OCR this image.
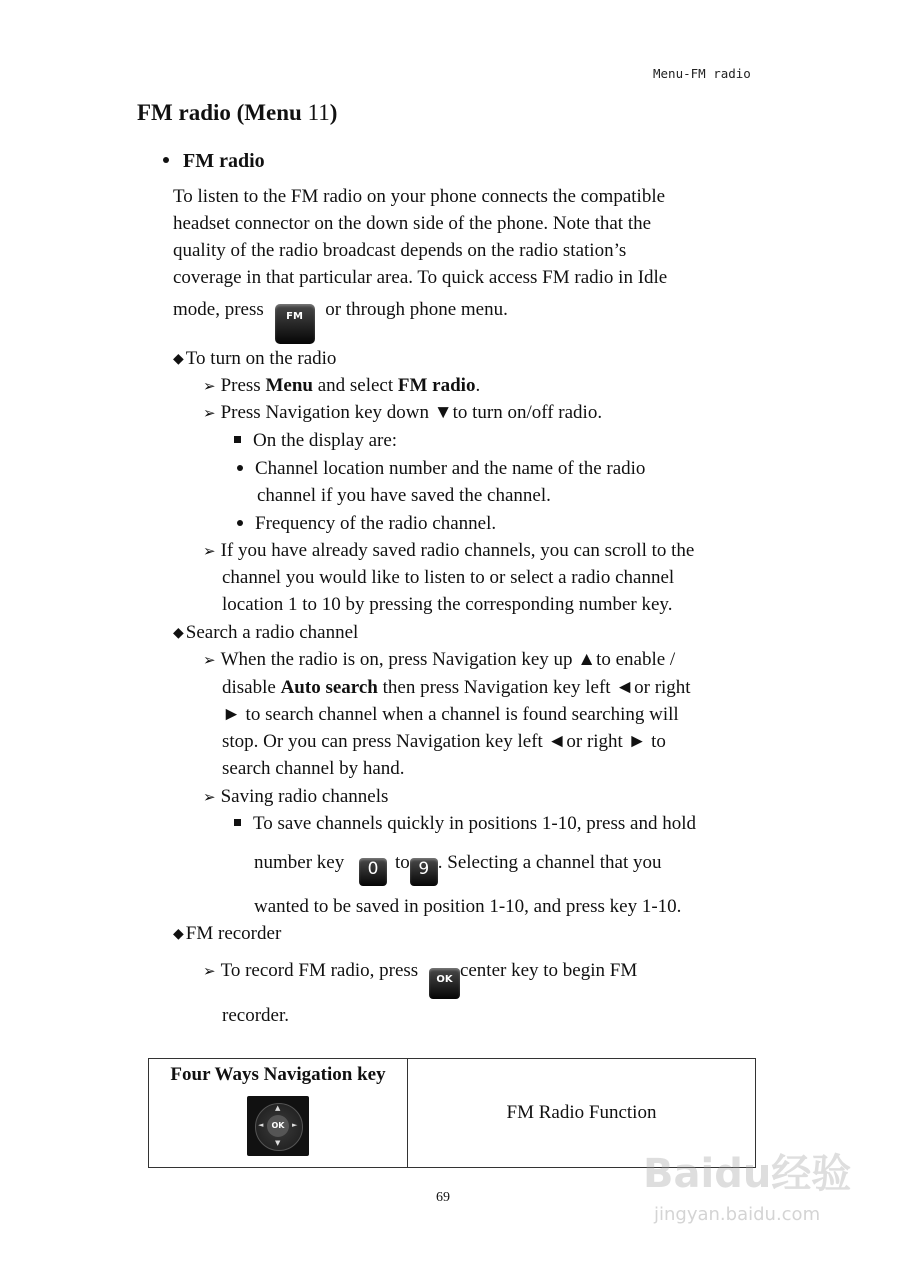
Menu-FM radio
FM radio (Menu 11)
FM radio
To listen to the FM radio on your phone connects the compatible
headset connector on the down side of the phone. Note that the
quality of the radio broadcast depends on the radio station’s
coverage in that particular area. To quick access FM radio in Idle
mode, press FM or through phone menu.
◆ To turn on the radio
➢ Press Menu and select FM radio.
➢ Press Navigation key down ▼to turn on/off radio.
On the display are:
Channel location number and the name of the radio
channel if you have saved the channel.
Frequency of the radio channel.
➢ If you have already saved radio channels, you can scroll to the
channel you would like to listen to or select a radio channel
location 1 to 10 by pressing the corresponding number key.
◆ Search a radio channel
➢ When the radio is on, press Navigation key up ▲to enable /
disable Auto search then press Navigation key left ◄or right
► to search channel when a channel is found searching will
stop. Or you can press Navigation key left ◄or right ► to
search channel by hand.
➢ Saving radio channels
To save channels quickly in positions 1-10, press and hold
number key 0 to 9 . Selecting a channel that you
wanted to be saved in position 1-10, and press key 1-10.
◆ FM recorder
➢ To record FM radio, press OK center key to begin FM
recorder.
Four Ways Navigation key
OK
▲
▼
◄	►
	FM Radio Function
69
Baidu经验
jingyan.baidu.com
